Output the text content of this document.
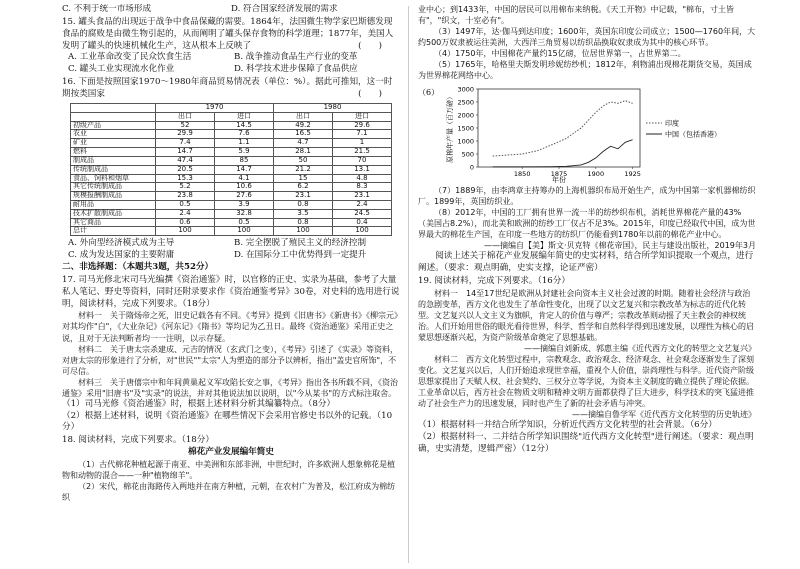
C. 不利于统一市场形成	D. 符合国家经济发展的需求

15. 罐头食品的出现远于战争中食品保藏的需要。1864年，法国微生物学家巴斯德发现食品的腐败是由微生物引起的，从而阐明了罐头保存食物的科学道理；1877年，美国人发明了罐头的快速机械化生产，这从根本上反映了	(　　)

A. 工业革命改变了民众饮食生活	B. 战争推动食品生产行业的变革
C. 罐头工业实现流水化作业	D. 科学技术进步保障了食品供应

16. 下面是按照国家1970～1980年商品贸易情况表（单位：%）。据此可推知，这一时期按类国家	(　　)

	1970		1980	
	出口	进口	出口	进口
初级产品	52	14.5	49.2	29.6
农业	29.9	7.6	16.5	7.1
矿业	7.4	1.1	4.7	1
燃料	14.7	5.9	28.1	21.5
制成品	47.4	85	50	70
传统制成品	20.5	14.7	21.2	13.1
食品、饲料和烟草	15.3	4.1	15	4.8
其它传统制成品	5.2	10.6	6.2	8.3
规模报酬制成品	23.8	27.6	23.1	23.1
耐用品	0.5	3.9	0.8	2.4
技术扩散制成品	2.4	32.8	3.5	24.5
其它商品	0.6	0.5	0.8	0.4
总计	100	100	100	100
A. 外向型经济模式成为主导	B. 完全摆脱了殖民主义的经济控制
C. 成为发达国家的主要附庸	D. 在国际分工中优势得到一定提升

二、非选择题：（本题共3题，共52分）

17. 司马光修北宋司马光编撰《资治通鉴》时，以官修的正史、实录为基础，参考了大量私人笔记、野史等资料，同时还附录要求作《资治通鉴考异》30卷，对史料的选用进行说明，阅读材料，完成下列要求。（18分）

材料一　关于隋炀帝之死，旧史记载各有不同。《考异》提到《旧唐书》《新唐书》《柳宗元》对其均作"白"，《大业杂记》《河东记》《隋书》等均记为乙丑日。最终《资治通鉴》采用正史之说，且对于无法判断者均一一注明，以示存疑。

材料二　关于唐太宗杀建成、元吉的情况（玄武门之变），《考异》引述了《实录》等资料，对唐太宗的形象进行了分析，对"世民""太宗"人为塑造的部分予以辨析，指出"盖史官所饰"，不可尽信。

材料三　关于唐僖宗中和年间黄巢起义军攻陷长安之事，《考异》指出各书所载不同，《资治通鉴》采用"旧唐书"及"实录"的说法，并对其他说法加以说明，以"今从某书"的方式标注取舍。

（1）司马光修《资治通鉴》时，根据上述材料分析其编纂特点。（8分）

（2）根据上述材料，说明《资治通鉴》在哪些情况下会采用官修史书以外的记载。（10分）

18. 阅读材料，完成下列要求。（18分）

棉花产业发展编年简史

（1）古代棉花种植起源于南亚、中美洲和东部非洲，中世纪时，许多欧洲人想象棉花是植物和动物的混合——一种"植物绵羊"。

（2）宋代，棉花由海路传入两地并在南方种植，元朝，在农村广为普及，松江府成为棉纺织

业中心；到1433年，中国的居民可以用棉布来纳税。《天工开物》中记载，"棉布，寸土皆有"，"织文，十室必有"。

（3）1497年，达·伽马到达印度；1600年，英国东印度公司成立；1500—1760年间，大约500万奴隶被运往美洲，大西洋三角贸易以纺织品换取奴隶成为其中的核心环节。

（4）1750年，中国棉花产量约15亿磅，位居世界第一，占世界第二。

（5）1765年，哈格里夫斯发明珍妮纺纱机；1812年，利物浦出现棉花期货交易，英国成为世界棉花网络中心。

0
500
1000
1500
2000
2500
3000
1850	1875	1900	1925
年份
原棉年产量（百万磅）	印度
中国（包括香港）
（6）

（7）1889年，由李鸿章主持筹办的上海机器织布局开始生产，成为中国第一家机器棉纺织厂。1899年，英国纺织业。

（8）2012年，中国的工厂拥有世界一流一半的纺纱织布机，消耗世界棉花产量的43%（美国占8.2%），而北美和欧洲的纺纱工厂仅占不足3%。2015年，印度已经取代中国，成为世界最大的棉花生产国，在印度一些地方的纺织厂仍能看到1780年以前的棉花产业中心。

——摘编自【美】斯文·贝克特《棉花帝国》，民主与建设出版社，2019年3月

阅读上述关于棉花产业发展编年简史的史实材料，结合所学知识提取一个观点，进行阐述。（要求：观点明确，史实支撑，论证严密）

19. 阅读材料，完成下列要求。（16分）

材料一　14至17世纪是欧洲从封建社会向资本主义社会过渡的时期。随着社会经济与政治的急剧变革，西方文化也发生了革命性变化，出现了以文艺复兴和宗教改革为标志的近代化转型。文艺复兴以人文主义为旗帜，肯定人的价值与尊严；宗教改革则动摇了天主教会的神权统治。人们开始用世俗的眼光看待世界，科学、哲学和自然科学得到迅速发展，以理性为核心的启蒙思想逐渐兴起，为资产阶级革命奠定了思想基础。

——摘编自刘新成、郭惠主编《近代西方文化的转型之文艺复兴》

材料二　西方文化转型过程中，宗教观念、政治观念、经济观念、社会观念逐渐发生了深刻变化。文艺复兴以后，人们开始追求现世幸福，重视个人价值，崇尚理性与科学。近代资产阶级思想家提出了天赋人权、社会契约、三权分立等学说，为资本主义制度的确立提供了理论依据。工业革命以后，西方社会在物质文明和精神文明方面都获得了巨大进步，科学技术的突飞猛进推动了社会生产力的迅速发展，同时也产生了新的社会矛盾与冲突。

——摘编自鲁学军《近代西方文化转型的历史轨迹》

（1）根据材料一并结合所学知识，分析近代西方文化转型的社会背景。（6分）

（2）根据材料一、二并结合所学知识围绕"近代西方文化转型"进行阐述。（要求：观点明确，史实清楚，逻辑严密）（12分）
